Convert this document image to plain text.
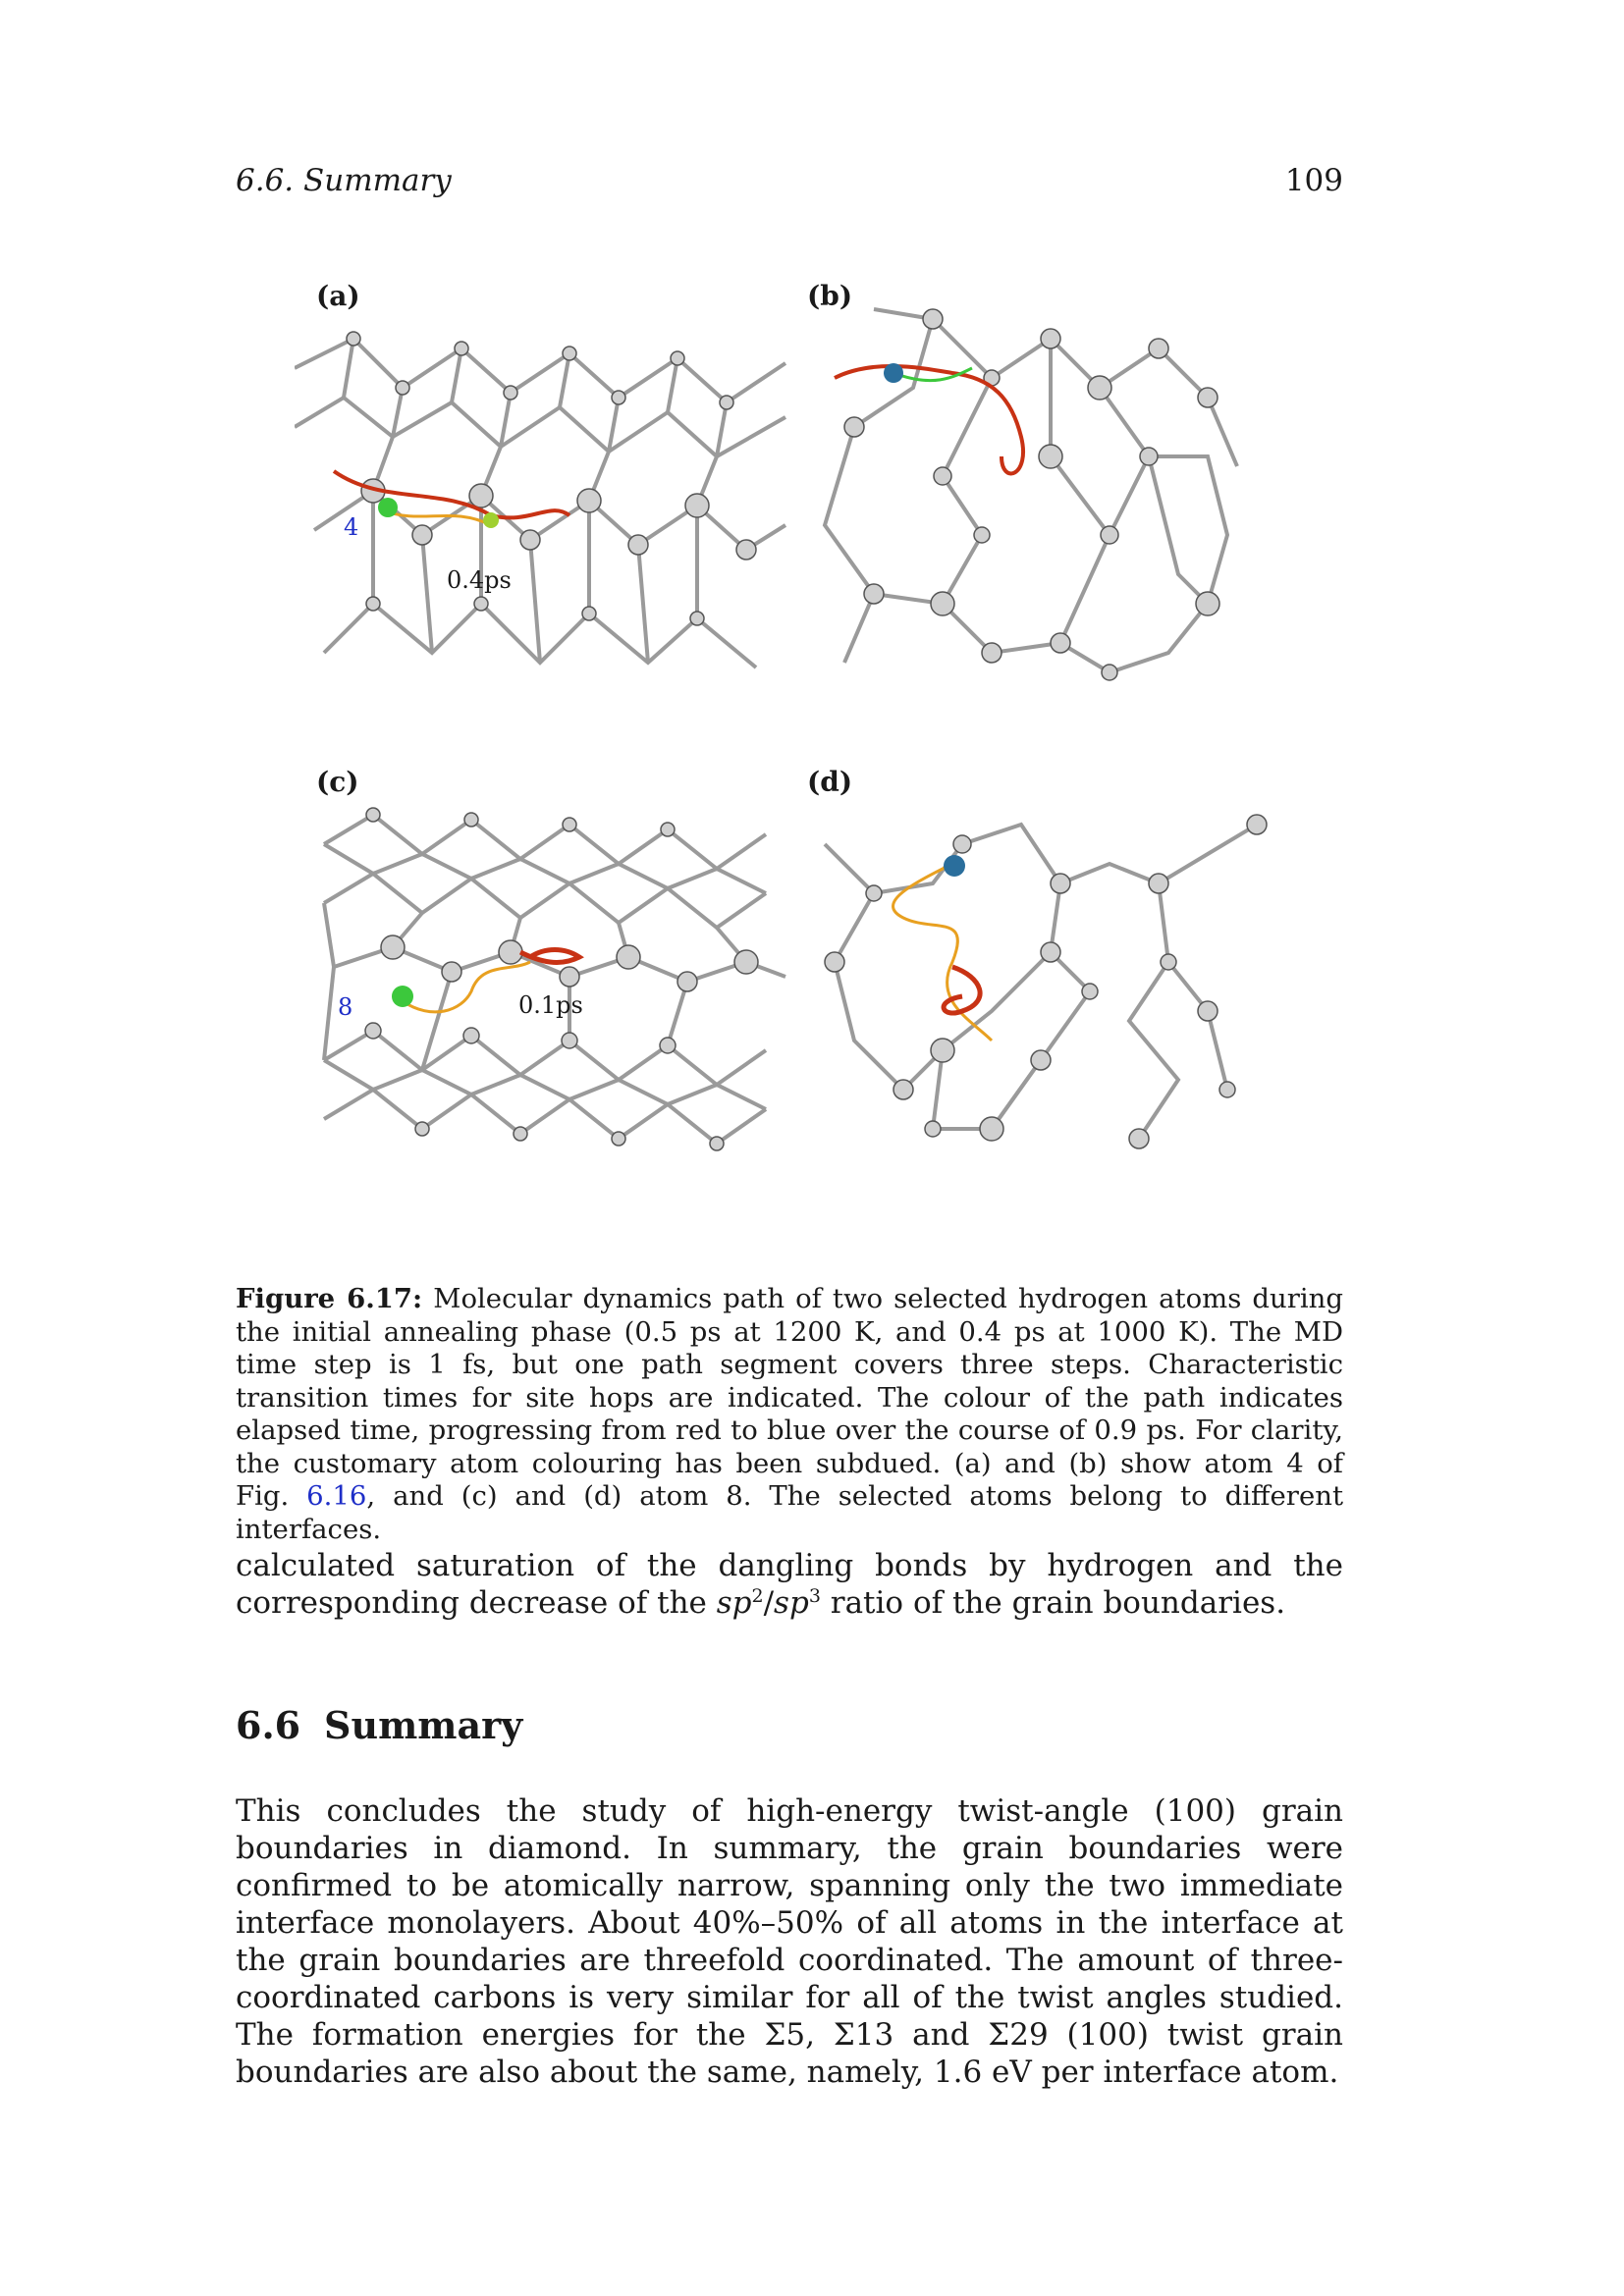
6.6. Summary	109
(a)
4
0.4ps
(b)
(c)
8	0.1ps
(d)
Figure 6.17: Molecular dynamics path of two selected hydrogen atoms during the initial annealing phase (0.5 ps at 1200 K, and 0.4 ps at 1000 K). The MD time step is 1 fs, but one path segment covers three steps. Characteristic transition times for site hops are indicated. The colour of the path indicates elapsed time, progressing from red to blue over the course of 0.9 ps. For clarity, the customary atom colouring has been subdued. (a) and (b) show atom 4 of Fig. 6.16, and (c) and (d) atom 8. The selected atoms belong to different interfaces.
calculated saturation of the dangling bonds by hydrogen and the corresponding decrease of the $sp^2/sp^3$ ratio of the grain boundaries.
6.6 Summary
This concludes the study of high-energy twist-angle (100) grain boundaries in diamond. In summary, the grain boundaries were confirmed to be atomically narrow, spanning only the two immediate interface monolayers. About 40%–50% of all atoms in the interface at the grain boundaries are threefold coordinated. The amount of three-coordinated carbons is very similar for all of the twist angles studied. The formation energies for the Σ5, Σ13 and Σ29 (100) twist grain boundaries are also about the same, namely, 1.6 eV per interface atom.
